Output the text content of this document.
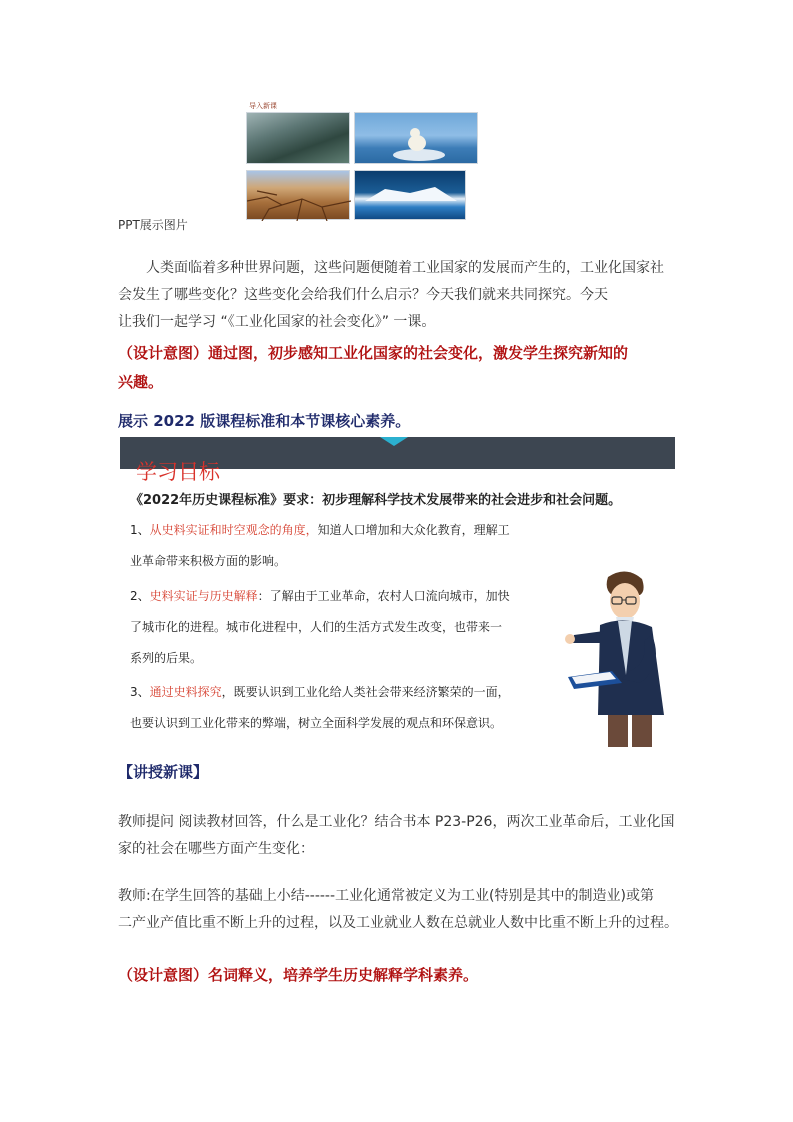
导入新课
PPT展示图片
人类面临着多种世界问题，这些问题便随着工业国家的发展而产生的，工业化国家社
会发生了哪些变化？这些变化会给我们什么启示？今天我们就来共同探究。今天
让我们一起学习 “《工业化国家的社会变化》” 一课。
（设计意图）通过图，初步感知工业化国家的社会变化，激发学生探究新知的
兴趣。
展示 2022 版课程标准和本节课核心素养。
学习目标
《2022年历史课程标准》要求：初步理解科学技术发展带来的社会进步和社会问题。
1、从史料实证和时空观念的角度，知道人口增加和大众化教育，理解工
业革命带来积极方面的影响。
2、史料实证与历史解释：了解由于工业革命，农村人口流向城市，加快
了城市化的进程。城市化进程中，人们的生活方式发生改变，也带来一
系列的后果。
3、通过史料探究，既要认识到工业化给人类社会带来经济繁荣的一面，
也要认识到工业化带来的弊端，树立全面科学发展的观点和环保意识。
【讲授新课】
教师提问 阅读教材回答，什么是工业化？结合书本 P23-P26，两次工业革命后，工业化国
家的社会在哪些方面产生变化：
教师:在学生回答的基础上小结------工业化通常被定义为工业(特别是其中的制造业)或第
二产业产值比重不断上升的过程，以及工业就业人数在总就业人数中比重不断上升的过程。
（设计意图）名词释义，培养学生历史解释学科素养。
